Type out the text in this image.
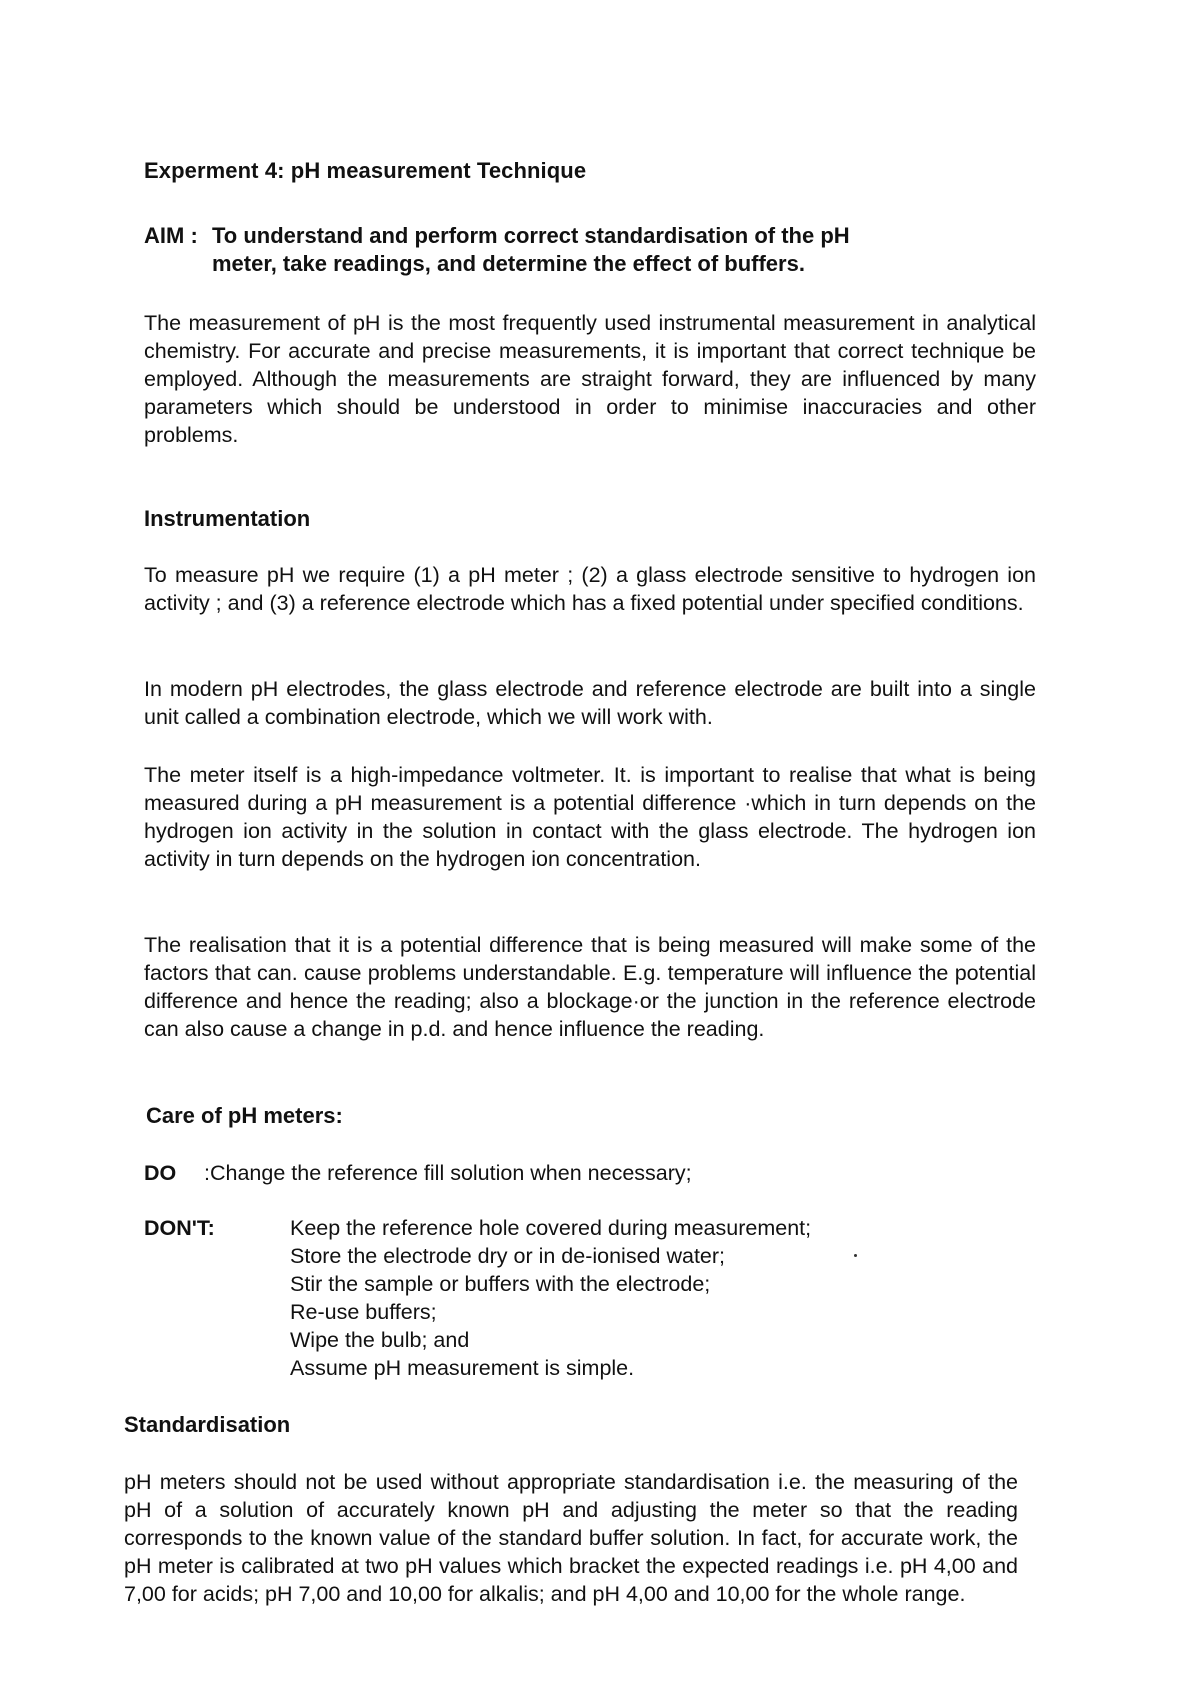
Experment 4: pH measurement Technique
AIM : To understand and perform correct standardisation of the pH
meter, take readings, and determine the effect of buffers.

The measurement of pH is the most frequently used instrumental measurement in analytical chemistry. For accurate and precise measurements, it is important that correct technique be employed. Although the measurements are straight forward, they are influenced by many parameters which should be understood in order to minimise inaccuracies and other problems.

Instrumentation

To measure pH we require (1) a pH meter ; (2) a glass electrode sensitive to hydrogen ion activity ; and (3) a reference electrode which has a fixed potential under specified conditions.

In modern pH electrodes, the glass electrode and reference electrode are built into a single unit called a combination electrode, which we will work with.

The meter itself is a high-impedance voltmeter. It. is important to realise that what is being measured during a pH measurement is a potential difference ·which in turn depends on the hydrogen ion activity in the solution in contact with the glass electrode. The hydrogen ion activity in turn depends on the hydrogen ion concentration.

The realisation that it is a potential difference that is being measured will make some of the factors that can. cause problems understandable. E.g. temperature will influence the potential difference and hence the reading; also a blockage·or the junction in the reference electrode can also cause a change in p.d. and hence influence the reading.

Care of pH meters:
DO	:Change the reference fill solution when necessary;
DON'T:	Keep the reference hole covered during measurement;
Store the electrode dry or in de-ionised water;
Stir the sample or buffers with the electrode;
Re-use buffers;
Wipe the bulb; and
Assume pH measurement is simple.
Standardisation

pH meters should not be used without appropriate standardisation i.e. the measuring of the pH of a solution of accurately known pH and adjusting the meter so that the reading corresponds to the known value of the standard buffer solution. In fact, for accurate work, the pH meter is calibrated at two pH values which bracket the expected readings i.e. pH 4,00 and 7,00 for acids; pH 7,00 and 10,00 for alkalis; and pH 4,00 and 10,00 for the whole range.
